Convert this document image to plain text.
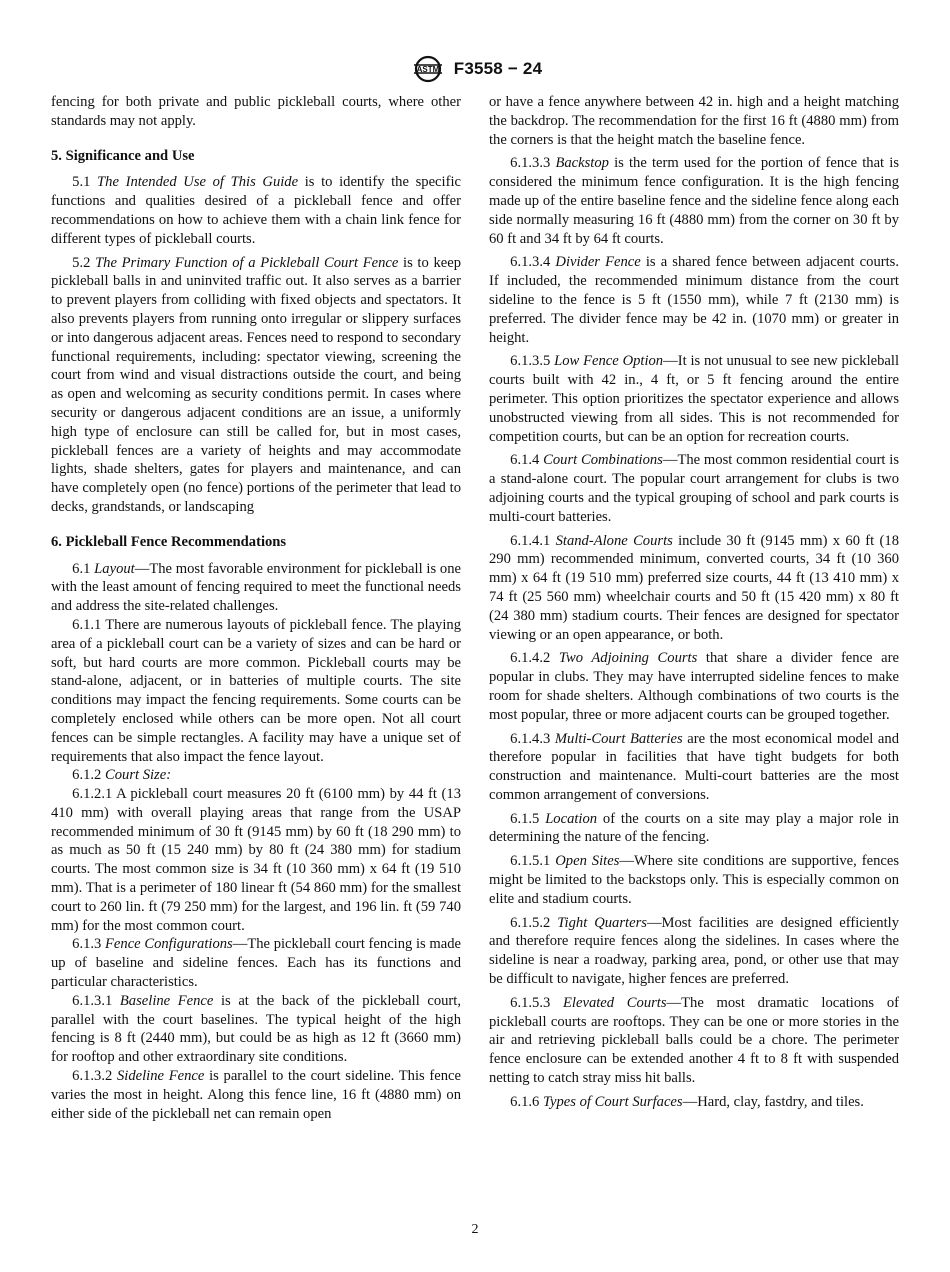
ASTM F3558 − 24

fencing for both private and public pickleball courts, where other standards may not apply.

5. Significance and Use

5.1 The Intended Use of This Guide is to identify the specific functions and qualities desired of a pickleball fence and offer recommendations on how to achieve them with a chain link fence for different types of pickleball courts.

5.2 The Primary Function of a Pickleball Court Fence is to keep pickleball balls in and uninvited traffic out. It also serves as a barrier to prevent players from colliding with fixed objects and spectators. It also prevents players from running onto irregular or slippery surfaces or into dangerous adjacent areas. Fences need to respond to secondary functional requirements, including: spectator viewing, screening the court from wind and visual distractions outside the court, and being as open and welcoming as security conditions permit. In cases where security or dangerous adjacent conditions are an issue, a uniformly high type of enclosure can still be called for, but in most cases, pickleball fences are a variety of heights and may accommodate lights, shade shelters, gates for players and maintenance, and can have completely open (no fence) portions of the perimeter that lead to decks, grandstands, or landscaping

6. Pickleball Fence Recommendations

6.1 Layout—The most favorable environment for pickleball is one with the least amount of fencing required to meet the functional needs and address the site-related challenges.

6.1.1 There are numerous layouts of pickleball fence. The playing area of a pickleball court can be a variety of sizes and can be hard or soft, but hard courts are more common. Pickleball courts may be stand-alone, adjacent, or in batteries of multiple courts. The site conditions may impact the fencing requirements. Some courts can be completely enclosed while others can be more open. Not all court fences can be simple rectangles. A facility may have a unique set of requirements that also impact the fence layout.

6.1.2 Court Size:

6.1.2.1 A pickleball court measures 20 ft (6100 mm) by 44 ft (13 410 mm) with overall playing areas that range from the USAP recommended minimum of 30 ft (9145 mm) by 60 ft (18 290 mm) to as much as 50 ft (15 240 mm) by 80 ft (24 380 mm) for stadium courts. The most common size is 34 ft (10 360 mm) x 64 ft (19 510 mm). That is a perimeter of 180 linear ft (54 860 mm) for the smallest court to 260 lin. ft (79 250 mm) for the largest, and 196 lin. ft (59 740 mm) for the most common court.

6.1.3 Fence Configurations—The pickleball court fencing is made up of baseline and sideline fences. Each has its functions and particular characteristics.

6.1.3.1 Baseline Fence is at the back of the pickleball court, parallel with the court baselines. The typical height of the high fencing is 8 ft (2440 mm), but could be as high as 12 ft (3660 mm) for rooftop and other extraordinary site conditions.

6.1.3.2 Sideline Fence is parallel to the court sideline. This fence varies the most in height. Along this fence line, 16 ft (4880 mm) on either side of the pickleball net can remain open

or have a fence anywhere between 42 in. high and a height matching the backdrop. The recommendation for the first 16 ft (4880 mm) from the corners is that the height match the baseline fence.

6.1.3.3 Backstop is the term used for the portion of fence that is considered the minimum fence configuration. It is the high fencing made up of the entire baseline fence and the sideline fence along each side normally measuring 16 ft (4880 mm) from the corner on 30 ft by 60 ft and 34 ft by 64 ft courts.

6.1.3.4 Divider Fence is a shared fence between adjacent courts. If included, the recommended minimum distance from the court sideline to the fence is 5 ft (1550 mm), while 7 ft (2130 mm) is preferred. The divider fence may be 42 in. (1070 mm) or greater in height.

6.1.3.5 Low Fence Option—It is not unusual to see new pickleball courts built with 42 in., 4 ft, or 5 ft fencing around the entire perimeter. This option prioritizes the spectator experience and allows unobstructed viewing from all sides. This is not recommended for competition courts, but can be an option for recreation courts.

6.1.4 Court Combinations—The most common residential court is a stand-alone court. The popular court arrangement for clubs is two adjoining courts and the typical grouping of school and park courts is multi-court batteries.

6.1.4.1 Stand-Alone Courts include 30 ft (9145 mm) x 60 ft (18 290 mm) recommended minimum, converted courts, 34 ft (10 360 mm) x 64 ft (19 510 mm) preferred size courts, 44 ft (13 410 mm) x 74 ft (25 560 mm) wheelchair courts and 50 ft (15 420 mm) x 80 ft (24 380 mm) stadium courts. Their fences are designed for spectator viewing or an open appearance, or both.

6.1.4.2 Two Adjoining Courts that share a divider fence are popular in clubs. They may have interrupted sideline fences to make room for shade shelters. Although combinations of two courts is the most popular, three or more adjacent courts can be grouped together.

6.1.4.3 Multi-Court Batteries are the most economical model and therefore popular in facilities that have tight budgets for both construction and maintenance. Multi-court batteries are the most common arrangement of conversions.

6.1.5 Location of the courts on a site may play a major role in determining the nature of the fencing.

6.1.5.1 Open Sites—Where site conditions are supportive, fences might be limited to the backstops only. This is especially common on elite and stadium courts.

6.1.5.2 Tight Quarters—Most facilities are designed efficiently and therefore require fences along the sidelines. In cases where the sideline is near a roadway, parking area, pond, or other use that may be difficult to navigate, higher fences are preferred.

6.1.5.3 Elevated Courts—The most dramatic locations of pickleball courts are rooftops. They can be one or more stories in the air and retrieving pickleball balls could be a chore. The perimeter fence enclosure can be extended another 4 ft to 8 ft with suspended netting to catch stray miss hit balls.

6.1.6 Types of Court Surfaces—Hard, clay, fastdry, and tiles.

2
